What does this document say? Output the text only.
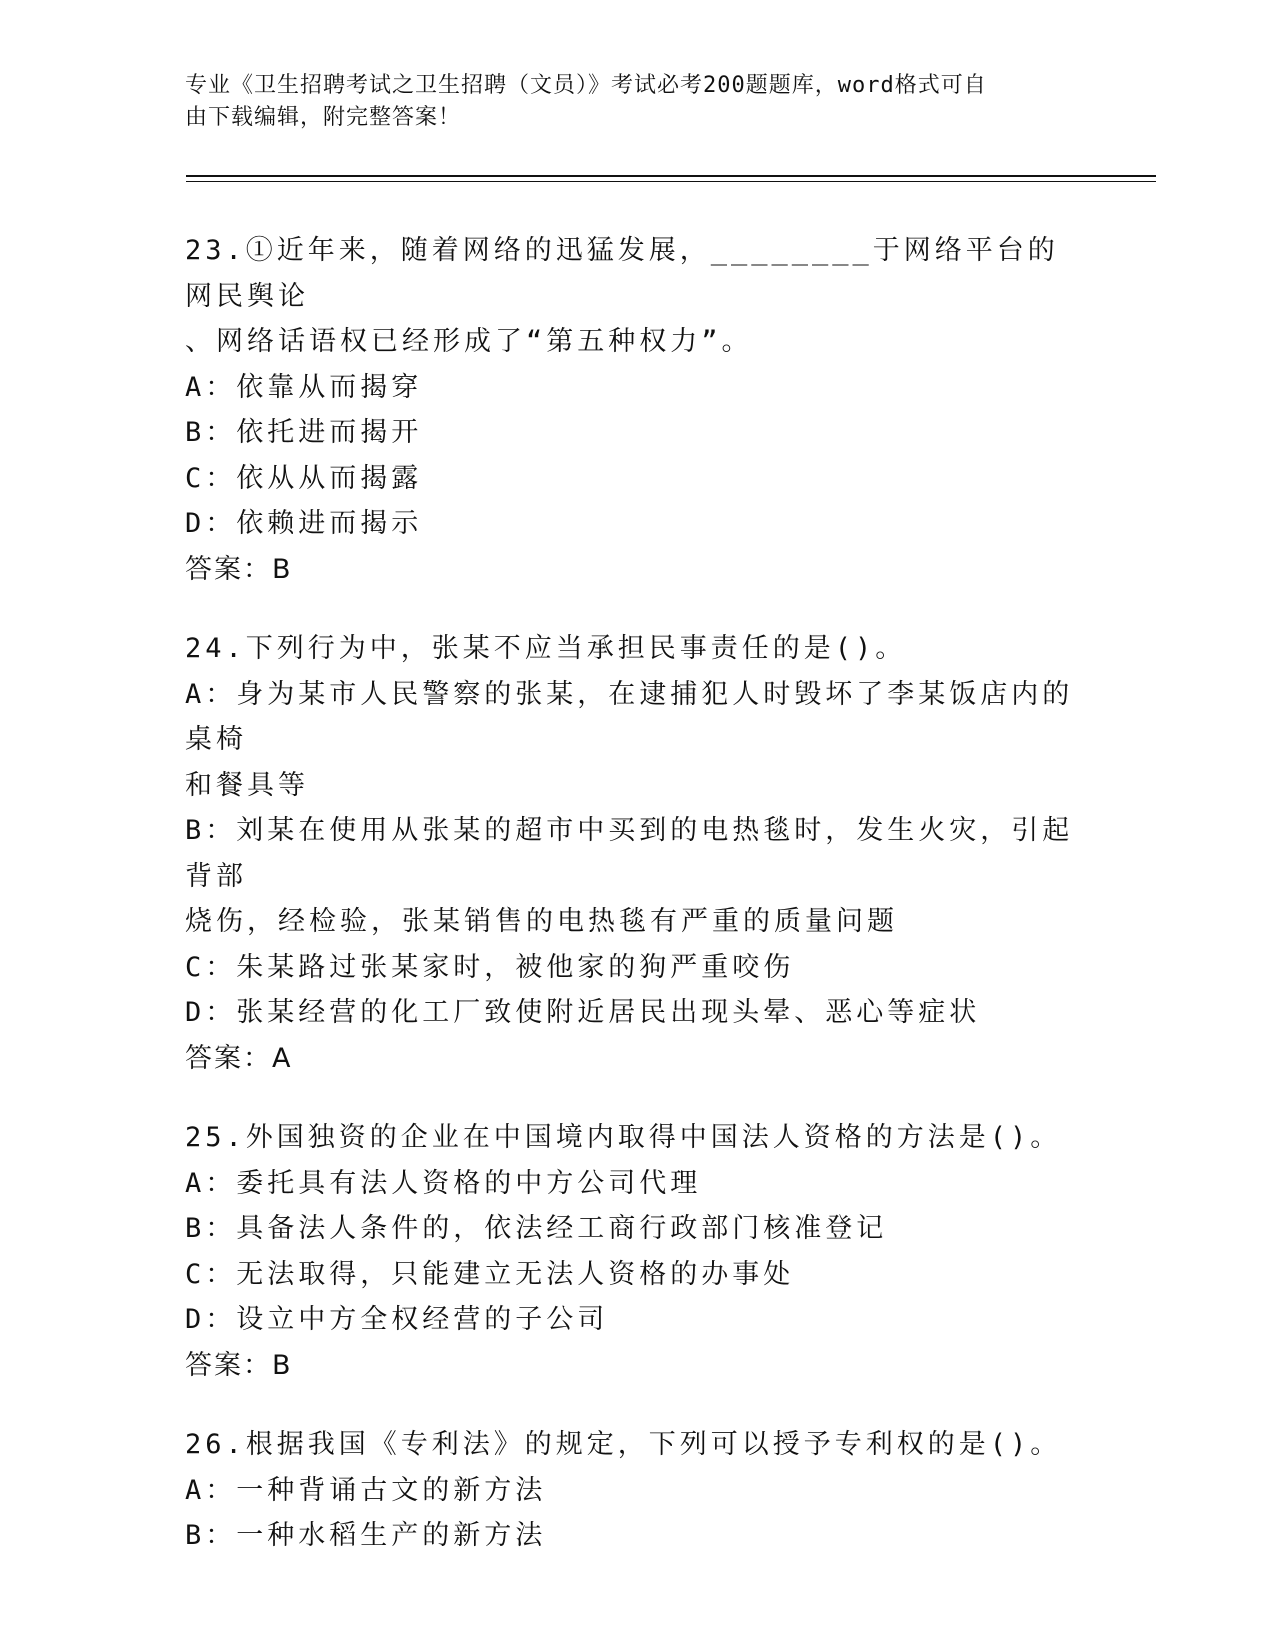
专业《卫生招聘考试之卫生招聘（文员）》考试必考200题题库，word格式可自
由下载编辑，附完整答案！

23.①近年来，随着网络的迅猛发展，________于网络平台的网民舆论

、网络话语权已经形成了“第五种权力”。

A：依靠从而揭穿

B：依托进而揭开

C：依从从而揭露

D：依赖进而揭示

答案：B

24.下列行为中，张某不应当承担民事责任的是()。

A：身为某市人民警察的张某，在逮捕犯人时毁坏了李某饭店内的桌椅

和餐具等

B：刘某在使用从张某的超市中买到的电热毯时，发生火灾，引起背部

烧伤，经检验，张某销售的电热毯有严重的质量问题

C：朱某路过张某家时，被他家的狗严重咬伤

D：张某经营的化工厂致使附近居民出现头晕、恶心等症状

答案：A

25.外国独资的企业在中国境内取得中国法人资格的方法是()。

A：委托具有法人资格的中方公司代理

B：具备法人条件的，依法经工商行政部门核准登记

C：无法取得，只能建立无法人资格的办事处

D：设立中方全权经营的子公司

答案：B

26.根据我国《专利法》的规定，下列可以授予专利权的是()。

A：一种背诵古文的新方法

B：一种水稻生产的新方法
